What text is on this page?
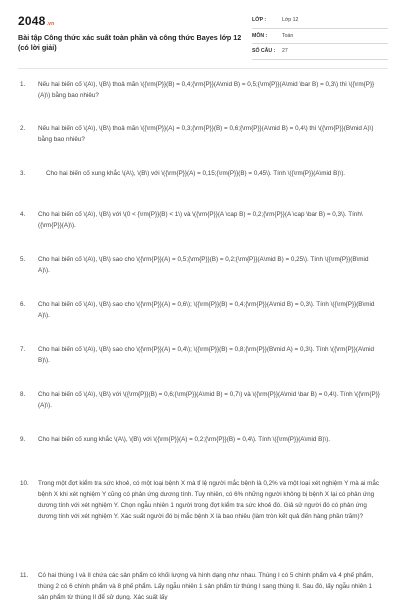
2048.vn
Bài tập Công thức xác suất toàn phần và công thức Bayes lớp 12 (có lời giải)
LỚP :	Lớp 12
MÔN :	Toán
SỐ CÂU :	27
1.	Nếu hai biến cố \(A\), \(B\) thoả mãn \({\rm{P}}(B) = 0,4;{\rm{P}}(A\mid B) = 0,5;{\rm{P}}(A\mid \bar B) = 0,3\) thì \({\rm{P}}(A)\) bằng bao nhiêu?
2.	Nếu hai biến cố \(A\), \(B\) thoả mãn \({\rm{P}}(A) = 0,3;{\rm{P}}(B) = 0,6;{\rm{P}}(A\mid B) = 0,4\) thì \({\rm{P}}(B\mid A)\) bằng bao nhiêu?
3.	Cho hai biến cố xung khắc \(A\), \(B\) với \({\rm{P}}(A) = 0,15;{\rm{P}}(B) = 0,45\). Tính \({\rm{P}}(A\mid B)\).
4.	Cho hai biến cố \(A\), \(B\) với \(0 < {\rm{P}}(B) < 1\) và \({\rm{P}}(A \cap B) = 0,2;{\rm{P}}(A \cap \bar B) = 0,3\). Tính\({\rm{P}}(A)\).
5.	Cho hai biến cố \(A\), \(B\) sao cho \({\rm{P}}(A) = 0,5;{\rm{P}}(B) = 0,2;{\rm{P}}(A\mid B) = 0,25\). Tính \({\rm{P}}(B\mid A)\).
6.	Cho hai biến cố \(A\), \(B\) sao cho \({\rm{P}}(A) = 0,6\); \({\rm{P}}(B) = 0,4;{\rm{P}}(A\mid B) = 0,3\). Tính \({\rm{P}}(B\mid A)\).
7.	Cho hai biến cố \(A\), \(B\) sao cho \({\rm{P}}(A) = 0,4\); \({\rm{P}}(B) = 0,8;{\rm{P}}(B\mid A) = 0,3\). Tính \({\rm{P}}(A\mid B)\).
8.	Cho hai biến cố \(A\), \(B\) với \({\rm{P}}(B) = 0,6;{\rm{P}}(A\mid B) = 0,7\) và \({\rm{P}}(A\mid \bar B) = 0,4\). Tính \({\rm{P}}(A)\).
9.	Cho hai biến cố xung khắc \(A\), \(B\) với \({\rm{P}}(A) = 0,2;{\rm{P}}(B) = 0,4\). Tính \({\rm{P}}(A\mid B)\).
10.	Trong một đợt kiểm tra sức khoẻ, có một loại bệnh X mà tỉ lệ người mắc bệnh là 0,2% và một loại xét nghiệm Y mà ai mắc bệnh X khi xét nghiệm Y cũng có phản ứng dương tính. Tuy nhiên, có 6% những người không bị bệnh X lại có phản ứng dương tính với xét nghiệm Y. Chọn ngẫu nhiên 1 người trong đợt kiểm tra sức khoẻ đó. Giả sử người đó có phản ứng dương tính với xét nghiệm Y. Xác suất người đó bị mắc bệnh X là bao nhiêu (làm tròn kết quả đến hàng phần trăm)?
11.	Có hai thùng I và II chứa các sản phẩm có khối lượng và hình dạng như nhau. Thùng I có 5 chính phẩm và 4 phế phẩm, thùng 2 có 6 chính phẩm và 8 phế phẩm. Lấy ngẫu nhiên 1 sản phẩm từ thùng I sang thùng II. Sau đó, lấy ngẫu nhiên 1 sản phẩm từ thùng II để sử dụng. Xác suất lấy
